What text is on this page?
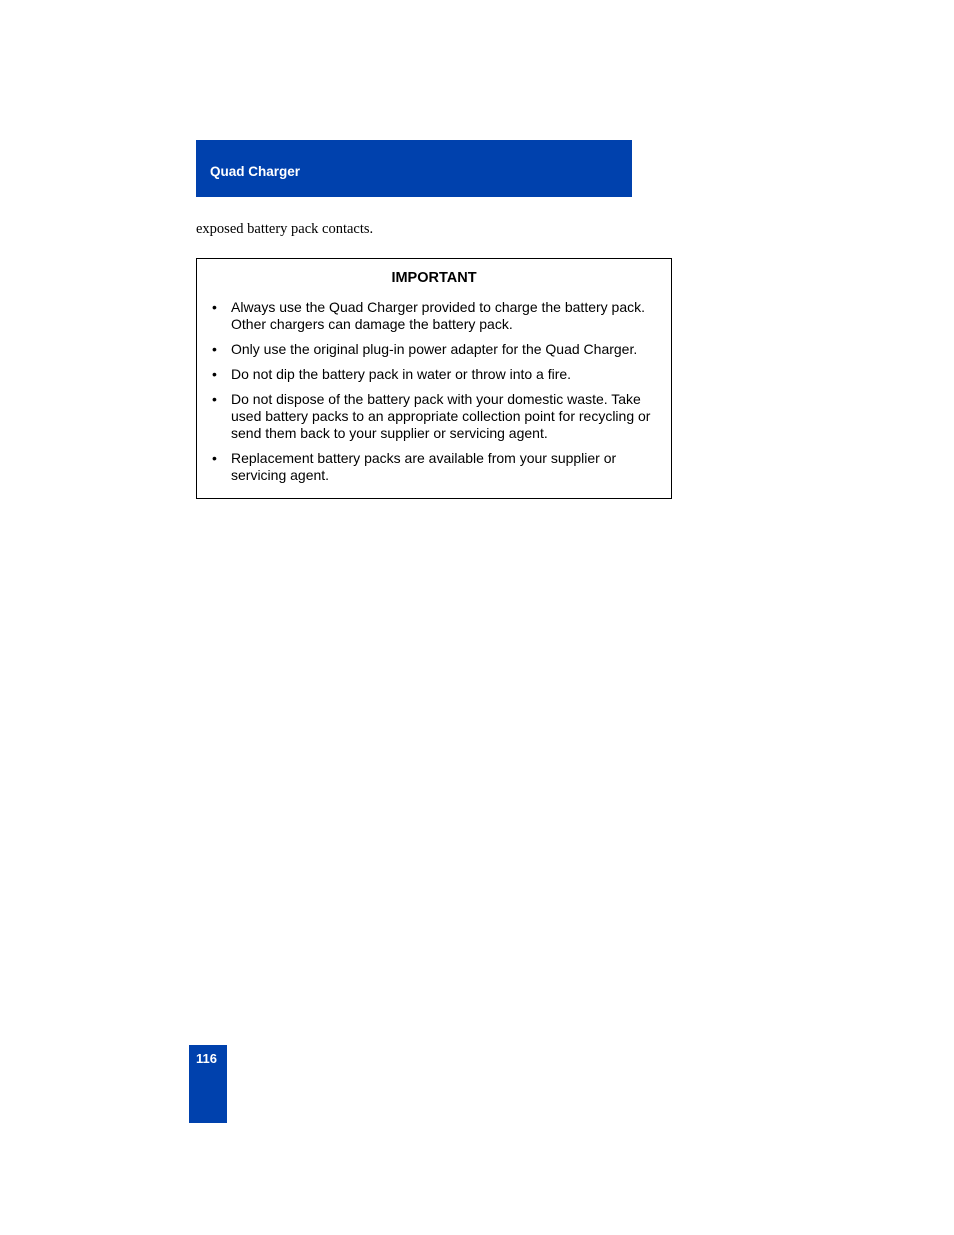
Quad Charger
exposed battery pack contacts.
IMPORTANT
• Always use the Quad Charger provided to charge the battery pack. Other chargers can damage the battery pack.
• Only use the original plug-in power adapter for the Quad Charger.
• Do not dip the battery pack in water or throw into a fire.
• Do not dispose of the battery pack with your domestic waste. Take used battery packs to an appropriate collection point for recycling or send them back to your supplier or servicing agent.
• Replacement battery packs are available from your supplier or servicing agent.
116
